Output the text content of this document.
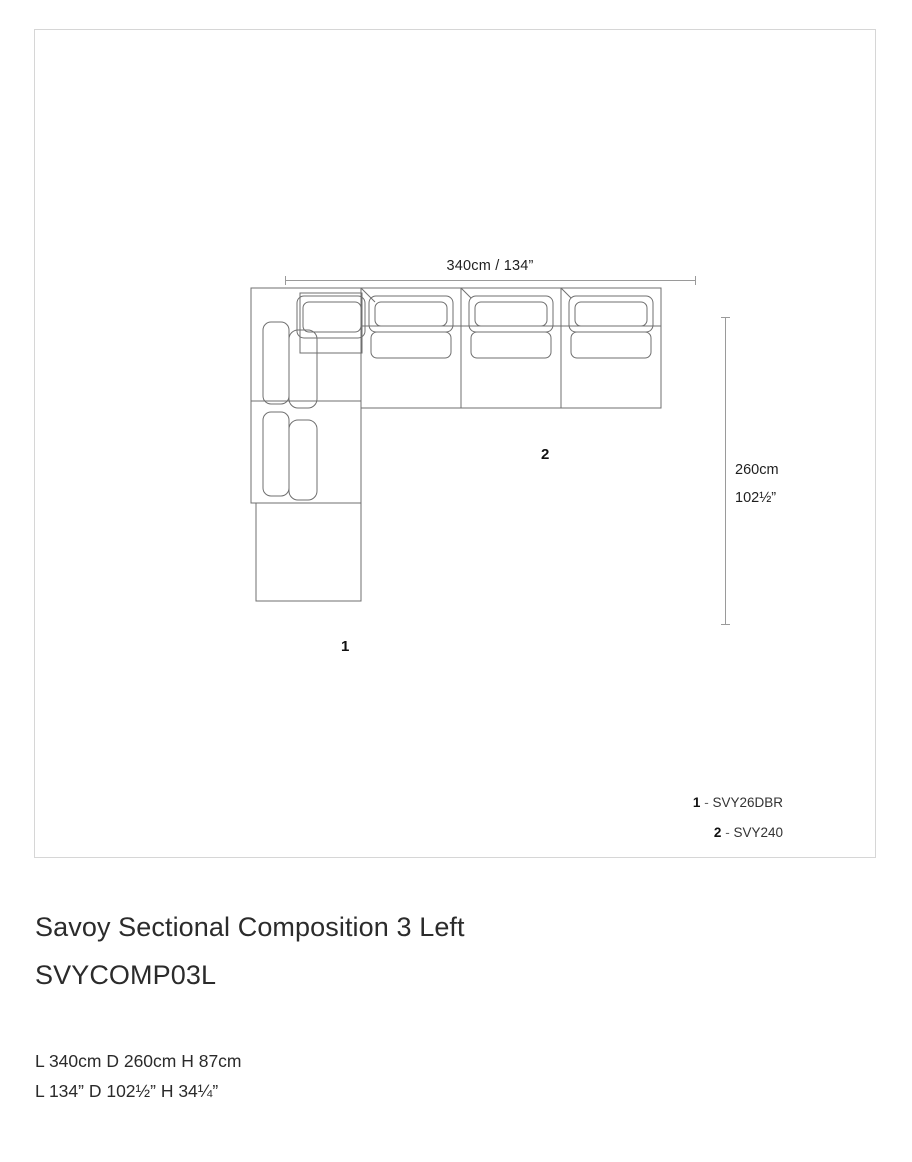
2
1
340cm / 134”
260cm
102½”
1 - SVY26DBR
2 - SVY240
Savoy Sectional Composition 3 Left

SVYCOMP03L

L 340cm D 260cm H 87cm
L 134” D 102½” H 34¼”
